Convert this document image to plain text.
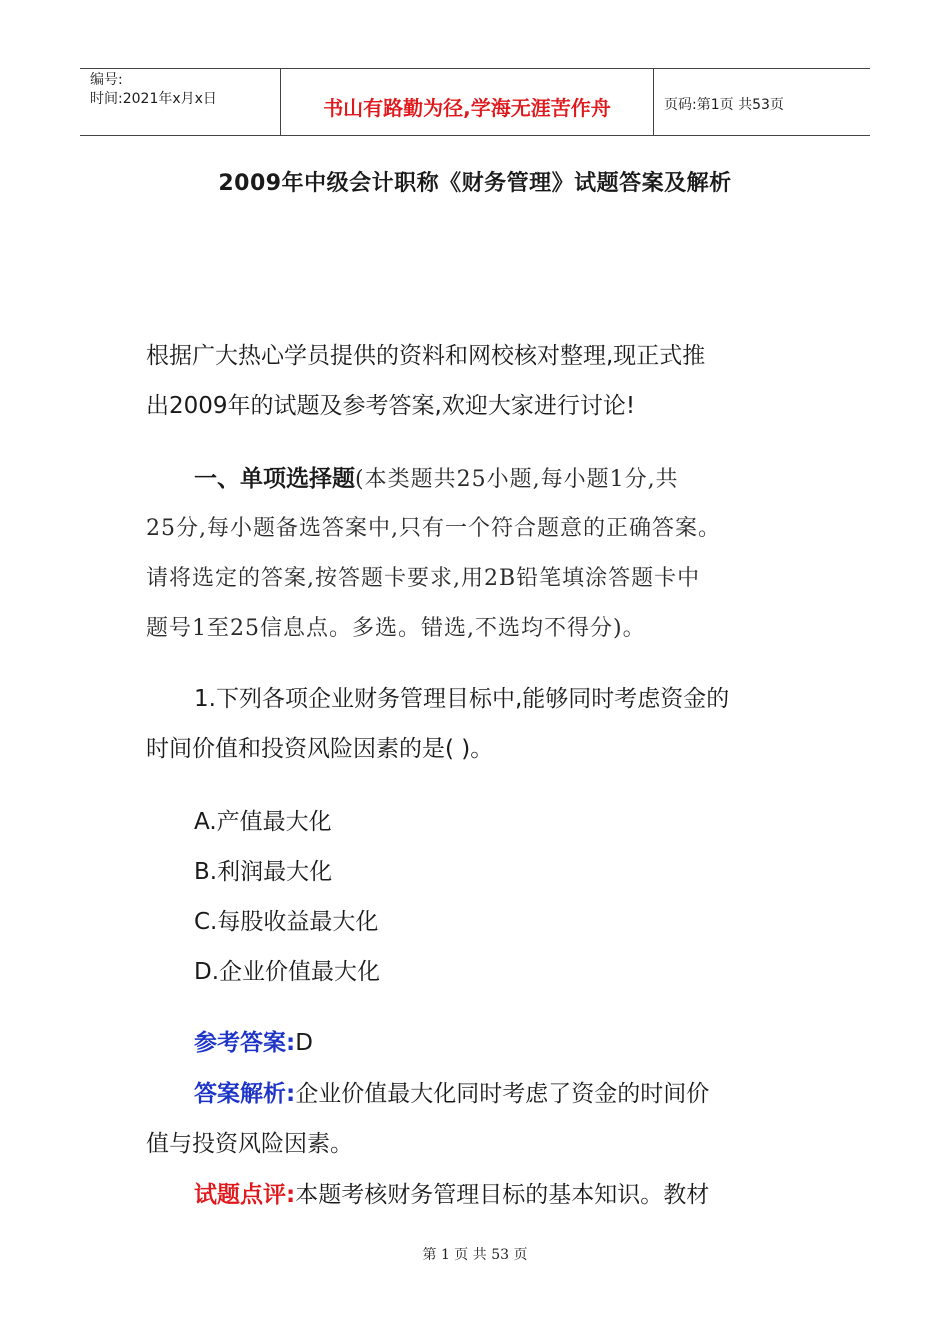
编号:
时间:2021年x月x日	书山有路勤为径,学海无涯苦作舟	页码:第1页 共53页
2009年中级会计职称《财务管理》试题答案及解析

根据广大热心学员提供的资料和网校核对整理,现正式推

出2009年的试题及参考答案,欢迎大家进行讨论!

一、单项选择题(本类题共25小题,每小题1分,共

25分,每小题备选答案中,只有一个符合题意的正确答案。

请将选定的答案,按答题卡要求,用2B铅笔填涂答题卡中

题号1至25信息点。多选。错选,不选均不得分)。

1.下列各项企业财务管理目标中,能够同时考虑资金的

时间价值和投资风险因素的是( )。

A.产值最大化

B.利润最大化

C.每股收益最大化

D.企业价值最大化

参考答案:D

答案解析:企业价值最大化同时考虑了资金的时间价

值与投资风险因素。

试题点评:本题考核财务管理目标的基本知识。教材

第 1 页 共 53 页
